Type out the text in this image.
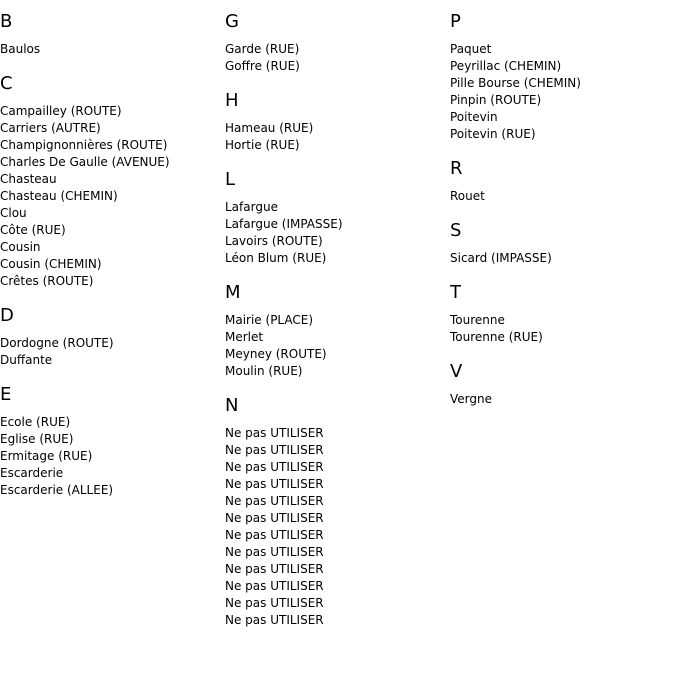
B
Baulos
C
Campailley (ROUTE)
Carriers (AUTRE)
Champignonnières (ROUTE)
Charles De Gaulle (AVENUE)
Chasteau
Chasteau (CHEMIN)
Clou
Côte (RUE)
Cousin
Cousin (CHEMIN)
Crêtes (ROUTE)
D
Dordogne (ROUTE)
Duffante
E
Ecole (RUE)
Eglise (RUE)
Ermitage (RUE)
Escarderie
Escarderie (ALLEE)
G
Garde (RUE)
Goffre (RUE)
H
Hameau (RUE)
Hortie (RUE)
L
Lafargue
Lafargue (IMPASSE)
Lavoirs (ROUTE)
Léon Blum (RUE)
M
Mairie (PLACE)
Merlet
Meyney (ROUTE)
Moulin (RUE)
N
Ne pas UTILISER
Ne pas UTILISER
Ne pas UTILISER
Ne pas UTILISER
Ne pas UTILISER
Ne pas UTILISER
Ne pas UTILISER
Ne pas UTILISER
Ne pas UTILISER
Ne pas UTILISER
Ne pas UTILISER
Ne pas UTILISER
P
Paquet
Peyrillac (CHEMIN)
Pille Bourse (CHEMIN)
Pinpin (ROUTE)
Poitevin
Poitevin (RUE)
R
Rouet
S
Sicard (IMPASSE)
T
Tourenne
Tourenne (RUE)
V
Vergne
